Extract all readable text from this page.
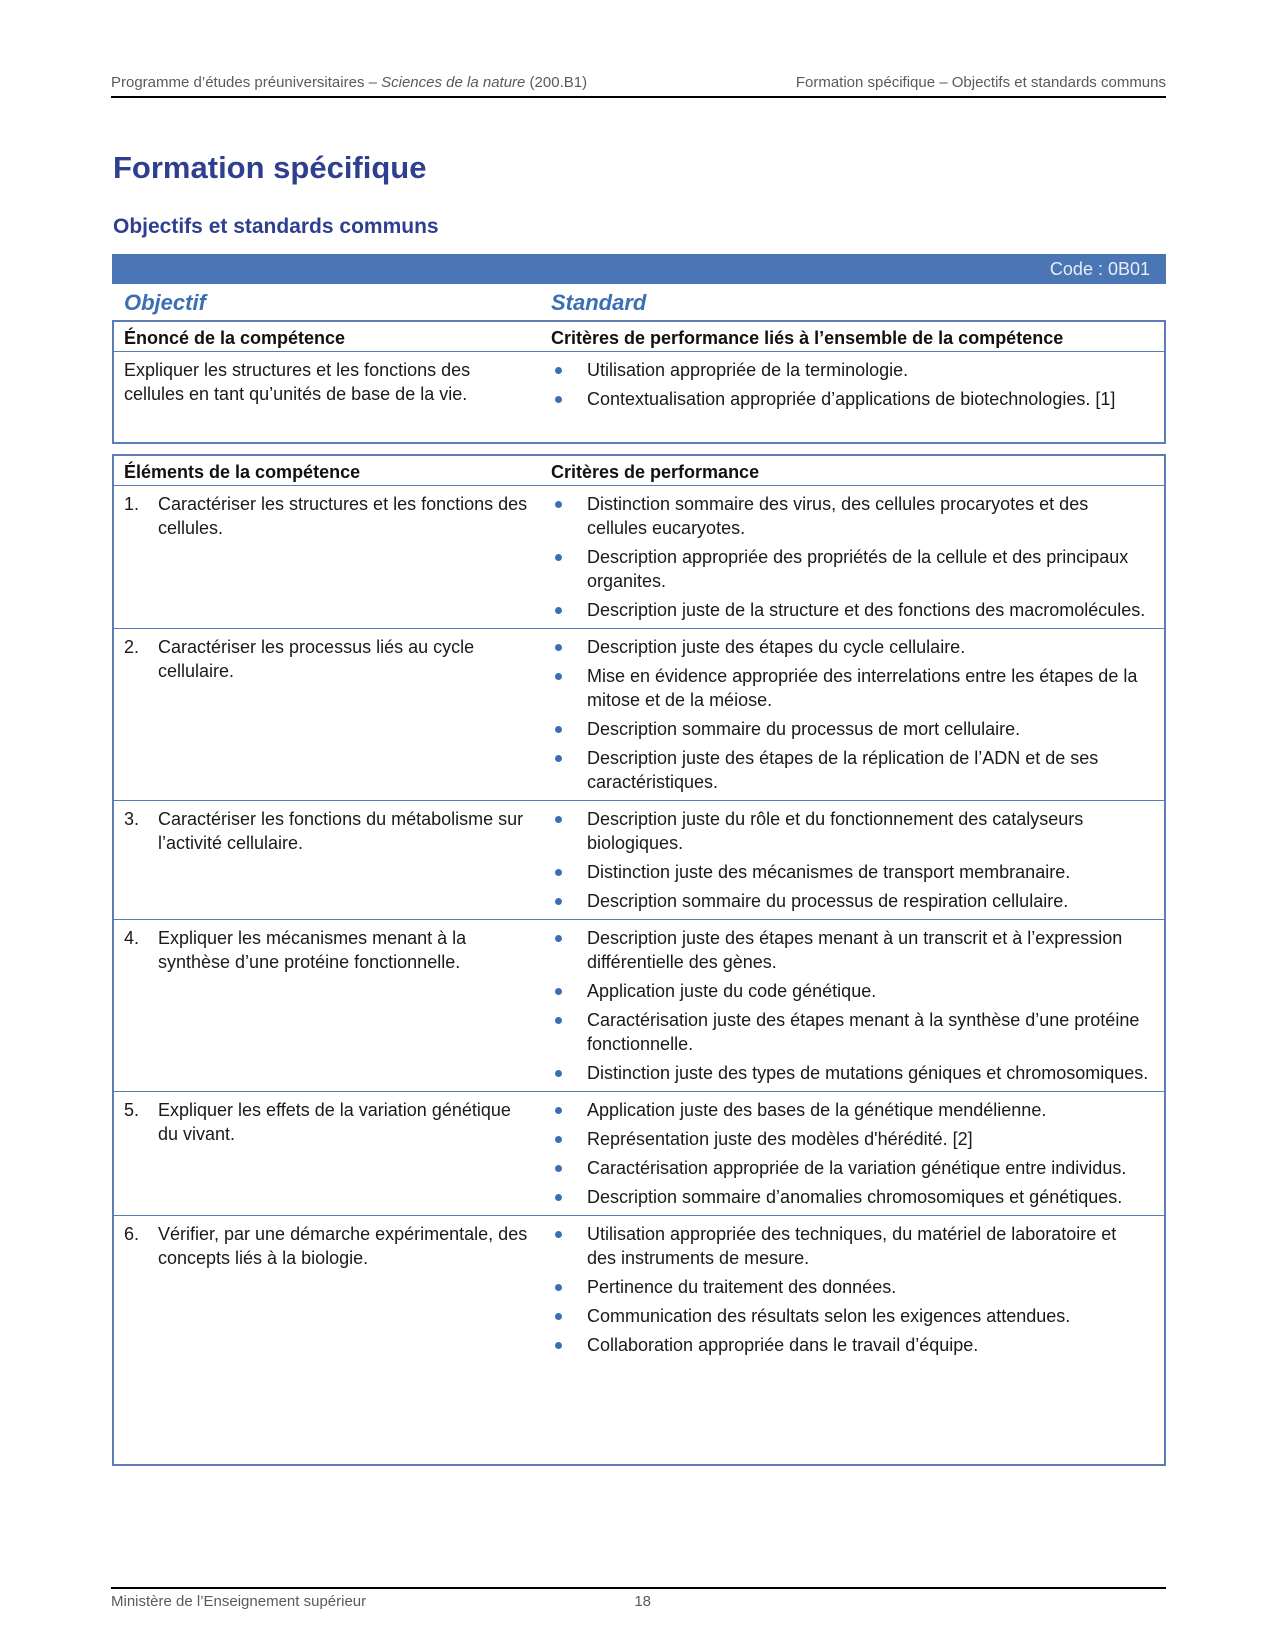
Programme d’études préuniversitaires – Sciences de la nature (200.B1)	Formation spécifique – Objectifs et standards communs
Formation spécifique
Objectifs et standards communs
Code : 0B01
Objectif	Standard
Énoncé de la compétence	Critères de performance liés à l’ensemble de la compétence
Expliquer les structures et les fonctions des cellules en tant qu’unités de base de la vie.
Utilisation appropriée de la terminologie.
Contextualisation appropriée d’applications de biotechnologies. [1]
Éléments de la compétence	Critères de performance
1. Caractériser les structures et les fonctions des cellules.
Distinction sommaire des virus, des cellules procaryotes et des cellules eucaryotes.
Description appropriée des propriétés de la cellule et des principaux organites.
Description juste de la structure et des fonctions des macromolécules.
2. Caractériser les processus liés au cycle cellulaire.
Description juste des étapes du cycle cellulaire.
Mise en évidence appropriée des interrelations entre les étapes de la mitose et de la méiose.
Description sommaire du processus de mort cellulaire.
Description juste des étapes de la réplication de l’ADN et de ses caractéristiques.
3. Caractériser les fonctions du métabolisme sur l’activité cellulaire.
Description juste du rôle et du fonctionnement des catalyseurs biologiques.
Distinction juste des mécanismes de transport membranaire.
Description sommaire du processus de respiration cellulaire.
4. Expliquer les mécanismes menant à la synthèse d’une protéine fonctionnelle.
Description juste des étapes menant à un transcrit et à l’expression différentielle des gènes.
Application juste du code génétique.
Caractérisation juste des étapes menant à la synthèse d’une protéine fonctionnelle.
Distinction juste des types de mutations géniques et chromosomiques.
5. Expliquer les effets de la variation génétique du vivant.
Application juste des bases de la génétique mendélienne.
Représentation juste des modèles d'hérédité. [2]
Caractérisation appropriée de la variation génétique entre individus.
Description sommaire d’anomalies chromosomiques et génétiques.
6. Vérifier, par une démarche expérimentale, des concepts liés à la biologie.
Utilisation appropriée des techniques, du matériel de laboratoire et des instruments de mesure.
Pertinence du traitement des données.
Communication des résultats selon les exigences attendues.
Collaboration appropriée dans le travail d’équipe.
Ministère de l’Enseignement supérieur	18
